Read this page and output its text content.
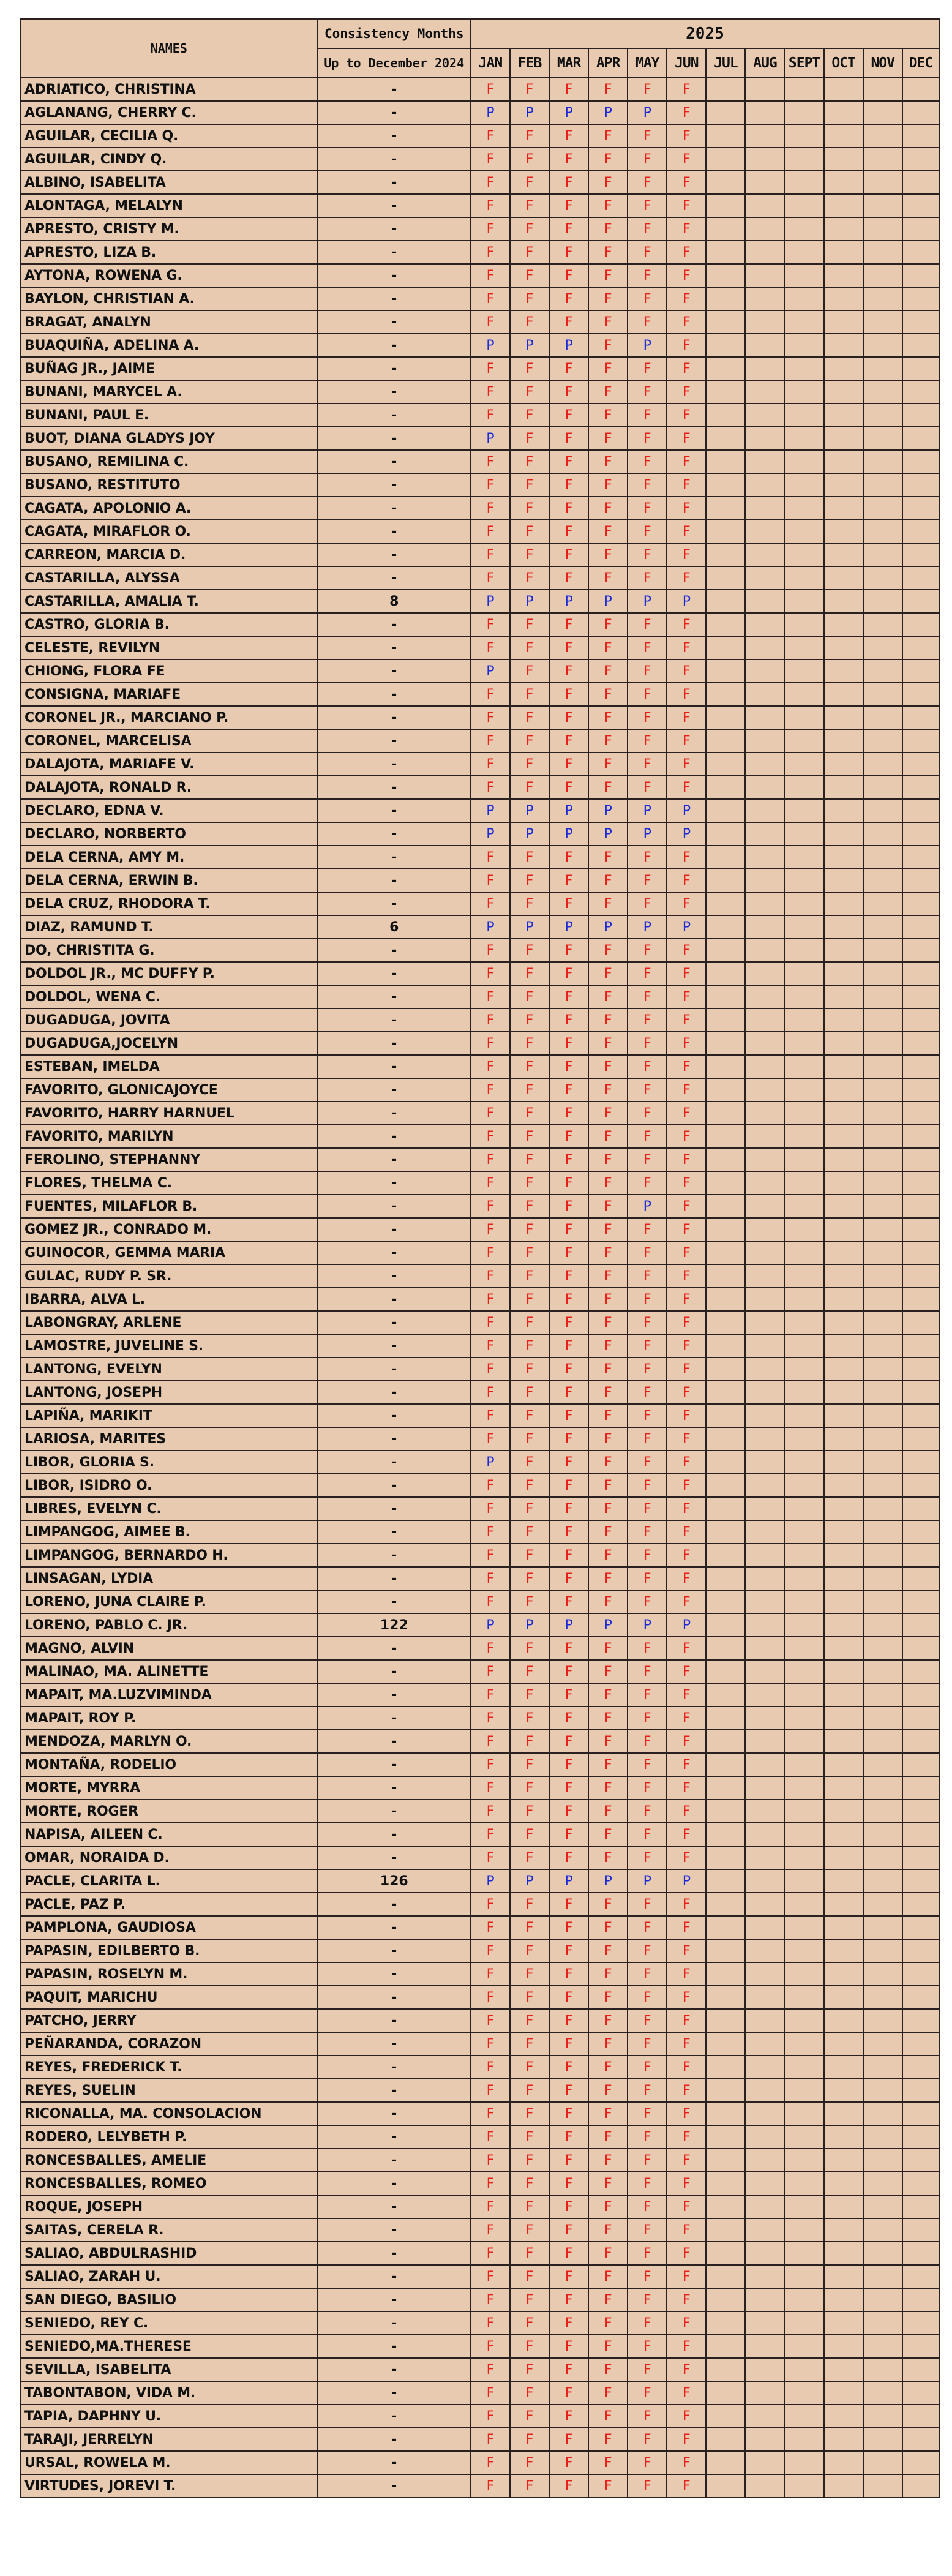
NAMES	Consistency Months	2025											
	Up to December 2024	JAN	FEB	MAR	APR	MAY	JUN	JUL	AUG	SEPT	OCT	NOV	DEC
ADRIATICO, CHRISTINA	-	F	F	F	F	F	F						
AGLANANG, CHERRY C.	-	P	P	P	P	P	F						
AGUILAR, CECILIA Q.	-	F	F	F	F	F	F						
AGUILAR, CINDY Q.	-	F	F	F	F	F	F						
ALBINO, ISABELITA	-	F	F	F	F	F	F						
ALONTAGA, MELALYN	-	F	F	F	F	F	F						
APRESTO, CRISTY M.	-	F	F	F	F	F	F						
APRESTO, LIZA B.	-	F	F	F	F	F	F						
AYTONA, ROWENA G.	-	F	F	F	F	F	F						
BAYLON, CHRISTIAN A.	-	F	F	F	F	F	F						
BRAGAT, ANALYN	-	F	F	F	F	F	F						
BUAQUIÑA, ADELINA A.	-	P	P	P	F	P	F						
BUÑAG JR., JAIME	-	F	F	F	F	F	F						
BUNANI, MARYCEL A.	-	F	F	F	F	F	F						
BUNANI, PAUL E.	-	F	F	F	F	F	F						
BUOT, DIANA GLADYS JOY	-	P	F	F	F	F	F						
BUSANO, REMILINA C.	-	F	F	F	F	F	F						
BUSANO, RESTITUTO	-	F	F	F	F	F	F						
CAGATA, APOLONIO A.	-	F	F	F	F	F	F						
CAGATA, MIRAFLOR O.	-	F	F	F	F	F	F						
CARREON, MARCIA D.	-	F	F	F	F	F	F						
CASTARILLA, ALYSSA	-	F	F	F	F	F	F						
CASTARILLA, AMALIA T.	8	P	P	P	P	P	P						
CASTRO, GLORIA B.	-	F	F	F	F	F	F						
CELESTE, REVILYN	-	F	F	F	F	F	F						
CHIONG, FLORA FE	-	P	F	F	F	F	F						
CONSIGNA, MARIAFE	-	F	F	F	F	F	F						
CORONEL JR., MARCIANO P.	-	F	F	F	F	F	F						
CORONEL, MARCELISA	-	F	F	F	F	F	F						
DALAJOTA, MARIAFE V.	-	F	F	F	F	F	F						
DALAJOTA, RONALD R.	-	F	F	F	F	F	F						
DECLARO, EDNA V.	-	P	P	P	P	P	P						
DECLARO, NORBERTO	-	P	P	P	P	P	P						
DELA CERNA, AMY M.	-	F	F	F	F	F	F						
DELA CERNA, ERWIN B.	-	F	F	F	F	F	F						
DELA CRUZ, RHODORA T.	-	F	F	F	F	F	F						
DIAZ, RAMUND T.	6	P	P	P	P	P	P						
DO, CHRISTITA G.	-	F	F	F	F	F	F						
DOLDOL JR., MC DUFFY P.	-	F	F	F	F	F	F						
DOLDOL, WENA C.	-	F	F	F	F	F	F						
DUGADUGA, JOVITA	-	F	F	F	F	F	F						
DUGADUGA,JOCELYN	-	F	F	F	F	F	F						
ESTEBAN, IMELDA	-	F	F	F	F	F	F						
FAVORITO, GLONICAJOYCE	-	F	F	F	F	F	F						
FAVORITO, HARRY HARNUEL	-	F	F	F	F	F	F						
FAVORITO, MARILYN	-	F	F	F	F	F	F						
FEROLINO, STEPHANNY	-	F	F	F	F	F	F						
FLORES, THELMA C.	-	F	F	F	F	F	F						
FUENTES, MILAFLOR B.	-	F	F	F	F	P	F						
GOMEZ JR., CONRADO M.	-	F	F	F	F	F	F						
GUINOCOR, GEMMA MARIA	-	F	F	F	F	F	F						
GULAC, RUDY P. SR.	-	F	F	F	F	F	F						
IBARRA, ALVA L.	-	F	F	F	F	F	F						
LABONGRAY, ARLENE	-	F	F	F	F	F	F						
LAMOSTRE, JUVELINE S.	-	F	F	F	F	F	F						
LANTONG, EVELYN	-	F	F	F	F	F	F						
LANTONG, JOSEPH	-	F	F	F	F	F	F						
LAPIÑA, MARIKIT	-	F	F	F	F	F	F						
LARIOSA, MARITES	-	F	F	F	F	F	F						
LIBOR, GLORIA S.	-	P	F	F	F	F	F						
LIBOR, ISIDRO O.	-	F	F	F	F	F	F						
LIBRES, EVELYN C.	-	F	F	F	F	F	F						
LIMPANGOG, AIMEE B.	-	F	F	F	F	F	F						
LIMPANGOG, BERNARDO H.	-	F	F	F	F	F	F						
LINSAGAN, LYDIA	-	F	F	F	F	F	F						
LORENO, JUNA CLAIRE P.	-	F	F	F	F	F	F						
LORENO, PABLO C. JR.	122	P	P	P	P	P	P						
MAGNO, ALVIN	-	F	F	F	F	F	F						
MALINAO, MA. ALINETTE	-	F	F	F	F	F	F						
MAPAIT, MA.LUZVIMINDA	-	F	F	F	F	F	F						
MAPAIT, ROY P.	-	F	F	F	F	F	F						
MENDOZA, MARLYN O.	-	F	F	F	F	F	F						
MONTAÑA, RODELIO	-	F	F	F	F	F	F						
MORTE, MYRRA	-	F	F	F	F	F	F						
MORTE, ROGER	-	F	F	F	F	F	F						
NAPISA, AILEEN C.	-	F	F	F	F	F	F						
OMAR, NORAIDA D.	-	F	F	F	F	F	F						
PACLE, CLARITA L.	126	P	P	P	P	P	P						
PACLE, PAZ P.	-	F	F	F	F	F	F						
PAMPLONA, GAUDIOSA	-	F	F	F	F	F	F						
PAPASIN, EDILBERTO B.	-	F	F	F	F	F	F						
PAPASIN, ROSELYN M.	-	F	F	F	F	F	F						
PAQUIT, MARICHU	-	F	F	F	F	F	F						
PATCHO, JERRY	-	F	F	F	F	F	F						
PEÑARANDA, CORAZON	-	F	F	F	F	F	F						
REYES, FREDERICK T.	-	F	F	F	F	F	F						
REYES, SUELIN	-	F	F	F	F	F	F						
RICONALLA, MA. CONSOLACION	-	F	F	F	F	F	F						
RODERO, LELYBETH P.	-	F	F	F	F	F	F						
RONCESBALLES, AMELIE	-	F	F	F	F	F	F						
RONCESBALLES, ROMEO	-	F	F	F	F	F	F						
ROQUE, JOSEPH	-	F	F	F	F	F	F						
SAITAS, CERELA R.	-	F	F	F	F	F	F						
SALIAO, ABDULRASHID	-	F	F	F	F	F	F						
SALIAO, ZARAH U.	-	F	F	F	F	F	F						
SAN DIEGO, BASILIO	-	F	F	F	F	F	F						
SENIEDO, REY C.	-	F	F	F	F	F	F						
SENIEDO,MA.THERESE	-	F	F	F	F	F	F						
SEVILLA, ISABELITA	-	F	F	F	F	F	F						
TABONTABON, VIDA M.	-	F	F	F	F	F	F						
TAPIA, DAPHNY U.	-	F	F	F	F	F	F						
TARAJI, JERRELYN	-	F	F	F	F	F	F						
URSAL, ROWELA M.	-	F	F	F	F	F	F						
VIRTUDES, JOREVI T.	-	F	F	F	F	F	F						
